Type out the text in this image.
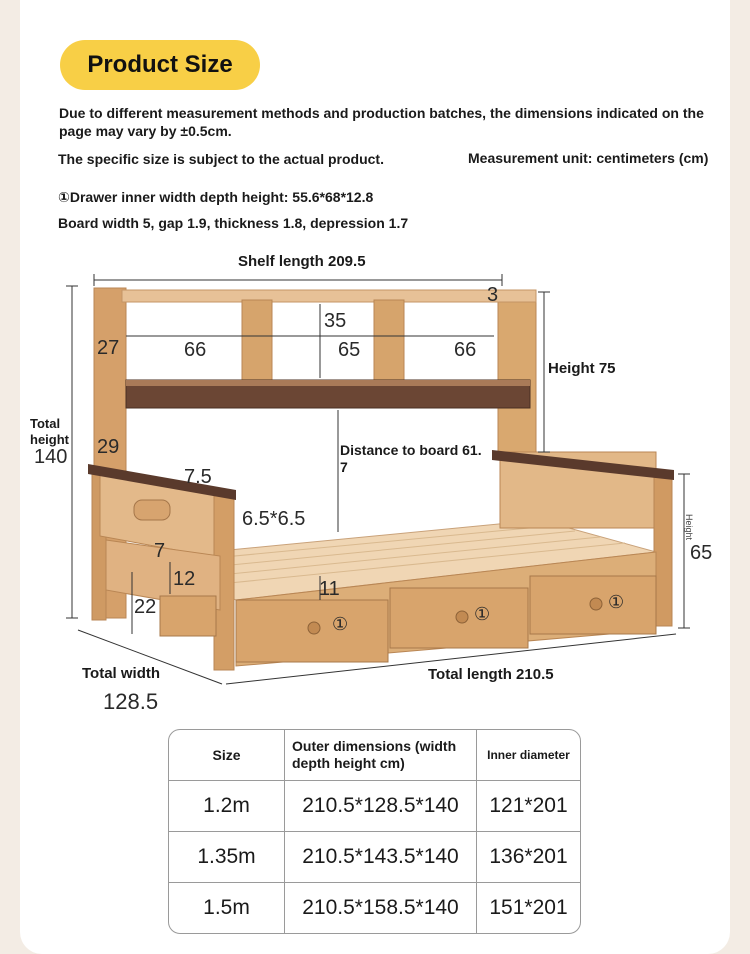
Product Size
Due to different measurement methods and production batches, the dimensions indicated on the
page may vary by ±0.5cm.
The specific size is subject to the actual product.	Measurement unit: centimeters (cm)
①Drawer inner width depth height: 55.6*68*12.8
Board width 5, gap 1.9, thickness 1.8, depression 1.7
Shelf length 209.5
3
35
66	65	66
27
Height 75
Total
height
140 29	Distance to board 61.
7
7.5
6.5*6.5
7
12	11
22
Height
65
Total width
128.5
Total length 210.5
①	①
①
Size	Outer dimensions (width depth height cm)	Inner diameter
1.2m	210.5*128.5*140	121*201
1.35m	210.5*143.5*140	136*201
1.5m	210.5*158.5*140	151*201
